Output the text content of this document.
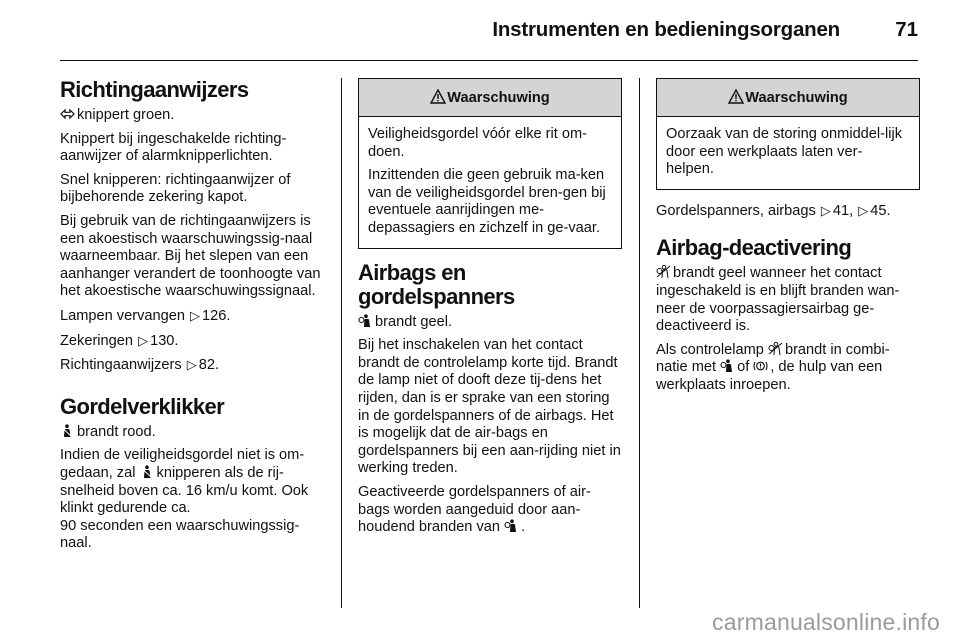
Instrumenten en bedieningsorganen	71
Richtingaanwijzers

knippert groen.

Knippert bij ingeschakelde richting-aanwijzer of alarmknipperlichten.

Snel knipperen: richtingaanwijzer of bijbehorende zekering kapot.

Bij gebruik van de richtingaanwijzers is een akoestisch waarschuwingssig-naal waarneembaar. Bij het slepen van een aanhanger verandert de toonhoogte van het akoestische waarschuwingssignaal.

Lampen vervangen ▷ 126.

Zekeringen ▷ 130.

Richtingaanwijzers ▷ 82.

Gordelverklikker

brandt rood.

Indien de veiligheidsgordel niet is om-gedaan, zal knipperen als de rij-snelheid boven ca. 16 km/u komt. Ook klinkt gedurende ca.
90 seconden een waarschuwingssig-naal.

Waarschuwing

Veiligheidsgordel vóór elke rit om-doen.

Inzittenden die geen gebruik ma-ken van de veiligheidsgordel bren-gen bij eventuele aanrijdingen me-depassagiers en zichzelf in ge-vaar.

Airbags en gordelspanners

brandt geel.

Bij het inschakelen van het contact brandt de controlelamp korte tijd. Brandt de lamp niet of dooft deze tij-dens het rijden, dan is er sprake van een storing in de gordelspanners of de airbags. Het is mogelijk dat de air-bags en gordelspanners bij een aan-rijding niet in werking treden.

Geactiveerde gordelspanners of air-bags worden aangeduid door aan-houdend branden van .

Waarschuwing

Oorzaak van de storing onmiddel-lijk door een werkplaats laten ver-helpen.

Gordelspanners, airbags ▷ 41, ▷ 45.

Airbag-deactivering

brandt geel wanneer het contact ingeschakeld is en blijft branden wan-neer de voorpassagiersairbag ge-deactiveerd is.

Als controlelamp brandt in combi-natie met of , de hulp van een werkplaats inroepen.

carmanualsonline.info
